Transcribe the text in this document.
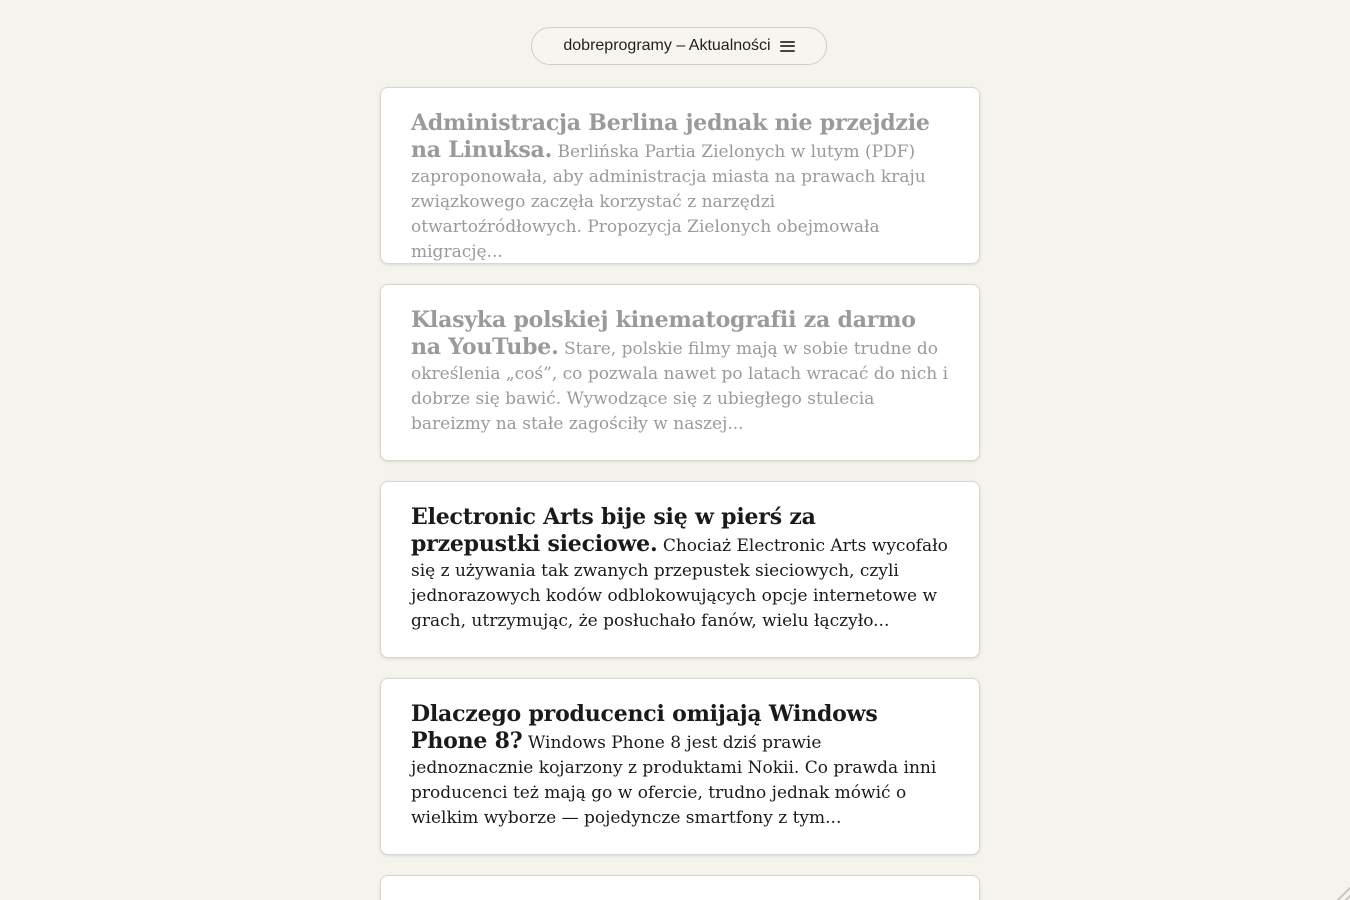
dobreprogramy – Aktualności

Administracja Berlina jednak nie przejdzie na Linuksa. Berlińska Partia Zielonych w lutym (PDF) zaproponowała, aby administracja miasta na prawach kraju związkowego zaczęła korzystać z narzędzi otwartoźródłowych. Propozycja Zielonych obejmowała migrację...

Klasyka polskiej kinematografii za darmo na YouTube. Stare, polskie filmy mają w sobie trudne do określenia „coś”, co pozwala nawet po latach wracać do nich i dobrze się bawić. Wywodzące się z ubiegłego stulecia bareizmy na stałe zagościły w naszej...

Electronic Arts bije się w pierś za przepustki sieciowe. Chociaż Electronic Arts wycofało się z używania tak zwanych przepustek sieciowych, czyli jednorazowych kodów odblokowujących opcje internetowe w grach, utrzymując, że posłuchało fanów, wielu łączyło...

Dlaczego producenci omijają Windows Phone 8? Windows Phone 8 jest dziś prawie jednoznacznie kojarzony z produktami Nokii. Co prawda inni producenci też mają go w ofercie, trudno jednak mówić o wielkim wyborze — pojedyncze smartfony z tym...
